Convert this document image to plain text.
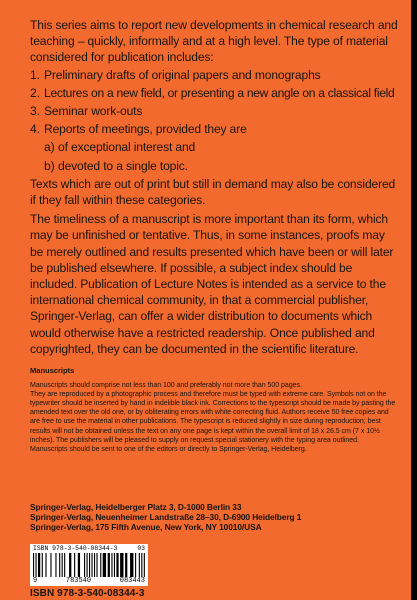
This series aims to report new developments in chemical research and teaching – quickly, informally and at a high level. The type of material considered for publication includes:

1. Preliminary drafts of original papers and monographs
2. Lectures on a new field, or presenting a new angle on a classical field
3. Seminar work-outs
4. Reports of meetings, provided they are
a) of exceptional interest and
b) devoted to a single topic.

Texts which are out of print but still in demand may also be considered if they fall within these categories.

The timeliness of a manuscript is more important than its form, which may be unfinished or tentative. Thus, in some instances, proofs may be merely outlined and results presented which have been or will later be published elsewhere. If possible, a subject index should be included. Publication of Lecture Notes is intended as a service to the international chemical community, in that a commercial publisher, Springer-Verlag, can offer a wider distribution to documents which would otherwise have a restricted readership. Once published and copyrighted, they can be documented in the scientific literature.

Manuscripts

Manuscripts should comprise not less than 100 and preferably not more than 500 pages.

They are reproduced by a photographic process and therefore must be typed with extreme care. Symbols not on the typewriter should be inserted by hand in indelible black ink. Corrections to the typescript should be made by pasting the amended text over the old one, or by obliterating errors with white correcting fluid. Authors receive 50 free copies and are free to use the material in other publications. The typescript is reduced slightly in size during reproduction; best results will not be obtained unless the text on any one page is kept within the overall limit of 18 x 26.5 cm (7 x 10½ inches). The publishers will be pleased to supply on request special stationery with the typing area outlined.

Manuscripts should be sent to one of the editors or directly to Springer-Verlag, Heidelberg.

Springer-Verlag, Heidelberger Platz 3, D-1000 Berlin 33
Springer-Verlag, Neuenheimer Landstraße 28–30, D-6900 Heidelberg 1
Springer-Verlag, 175 Fifth Avenue, New York, NY 10010/USA
ISBN 978-3-540-08344-3	03
9	783540	083443
ISBN 978-3-540-08344-3
